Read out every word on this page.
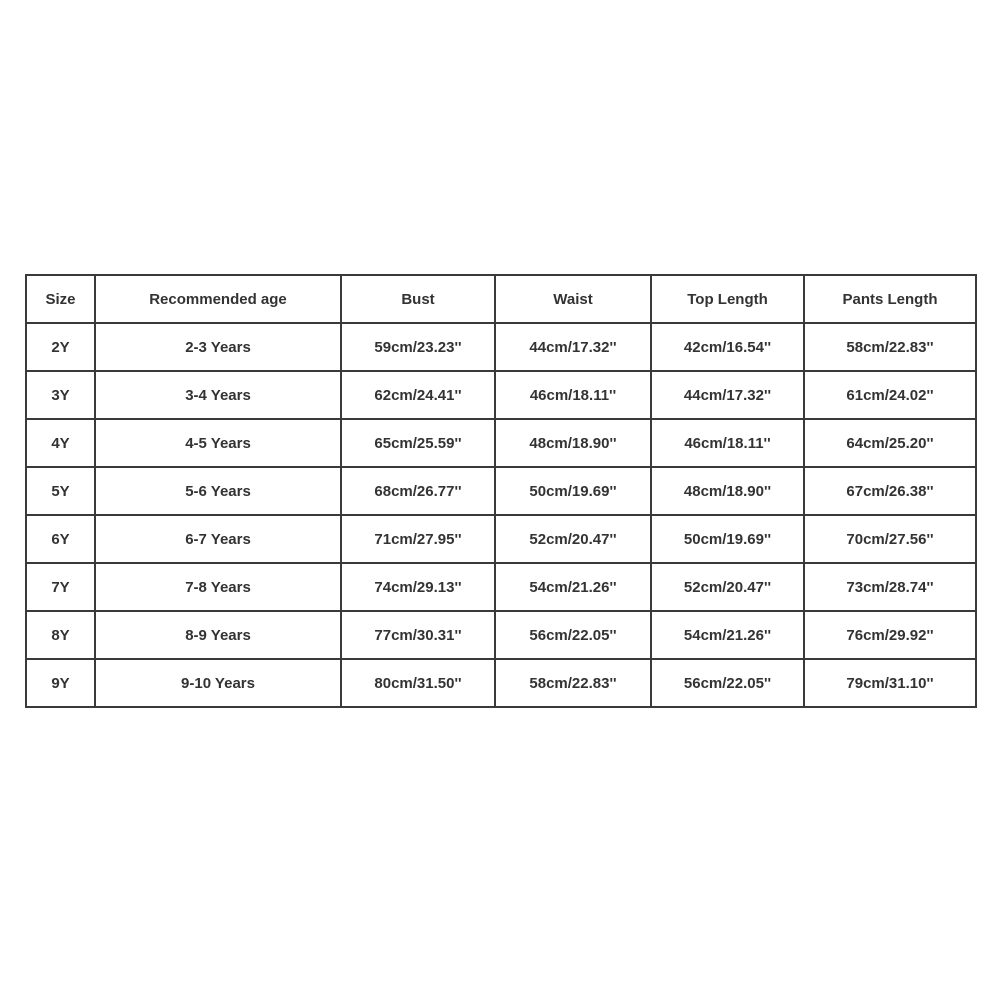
Size	Recommended age	Bust	Waist	Top Length	Pants Length
2Y	2-3 Years	59cm/23.23''	44cm/17.32''	42cm/16.54''	58cm/22.83''
3Y	3-4 Years	62cm/24.41''	46cm/18.11''	44cm/17.32''	61cm/24.02''
4Y	4-5 Years	65cm/25.59''	48cm/18.90''	46cm/18.11''	64cm/25.20''
5Y	5-6 Years	68cm/26.77''	50cm/19.69''	48cm/18.90''	67cm/26.38''
6Y	6-7 Years	71cm/27.95''	52cm/20.47''	50cm/19.69''	70cm/27.56''
7Y	7-8 Years	74cm/29.13''	54cm/21.26''	52cm/20.47''	73cm/28.74''
8Y	8-9 Years	77cm/30.31''	56cm/22.05''	54cm/21.26''	76cm/29.92''
9Y	9-10 Years	80cm/31.50''	58cm/22.83''	56cm/22.05''	79cm/31.10''
